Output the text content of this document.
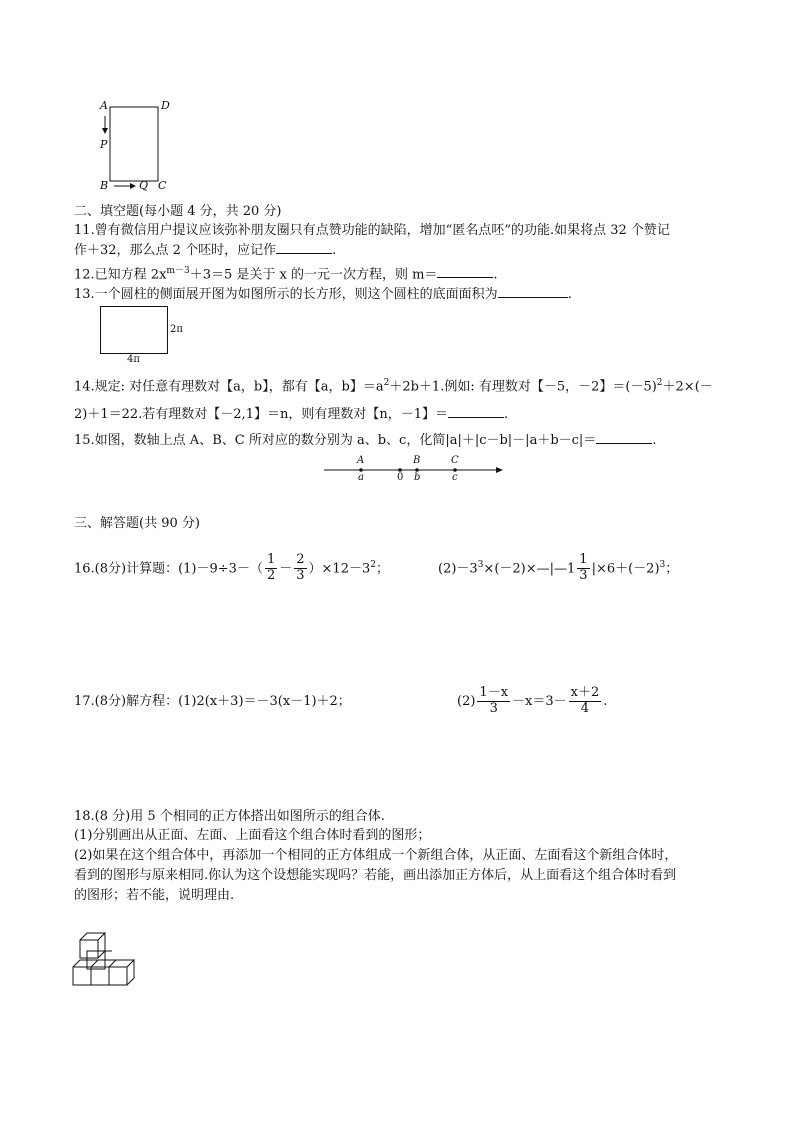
A	D
P
B	Q C
二、填空题(每小题 4 分，共 20 分)
11.曾有微信用户提议应该弥补朋友圈只有点赞功能的缺陷，增加“匿名点呸”的功能.如果将点 32 个赞记
作＋32，那么点 2 个呸时，应记作	.
12.已知方程 $2x^{m-3}+3=5$ 是关于 x 的一元一次方程，则 m＝	.
13.一个圆柱的侧面展开图为如图所示的长方形，则这个圆柱的底面面积为	.
2π
4π
14.规定: 对任意有理数对【a，b】，都有【a，b】$=a^2+2b+1$.例如: 有理数对【－5，－2】$=(-5)^2+2\times(-$
2)＋1＝22.若有理数对【－2,1】＝n，则有理数对【n，－1】＝	.
15.如图，数轴上点 A、B、C 所对应的数分别为 a、b、c，化简|a|＋|c－b|－|a＋b－c|＝	.
A	B	C
a	0 b	c
三、解答题(共 90 分)
16.(8分)计算题：$(1)-9\div 3-( \frac{1}{2} - \frac{2}{3} )\times 12-3^2$；	$(2)-3^3\times(-2)\times—|—1 \frac{1}{3} |\times 6+(-2)^3$；
17.(8分)解方程：(1)2(x＋3)＝－3(x－1)＋2；	$(2) \frac{1-x}{3} -x=3- \frac{x+2}{4}$ .
18.(8 分)用 5 个相同的正方体搭出如图所示的组合体.
(1)分别画出从正面、左面、上面看这个组合体时看到的图形；
(2)如果在这个组合体中，再添加一个相同的正方体组成一个新组合体，从正面、左面看这个新组合体时，
看到的图形与原来相同.你认为这个设想能实现吗？若能，画出添加正方体后，从上面看这个组合体时看到
的图形；若不能，说明理由.
